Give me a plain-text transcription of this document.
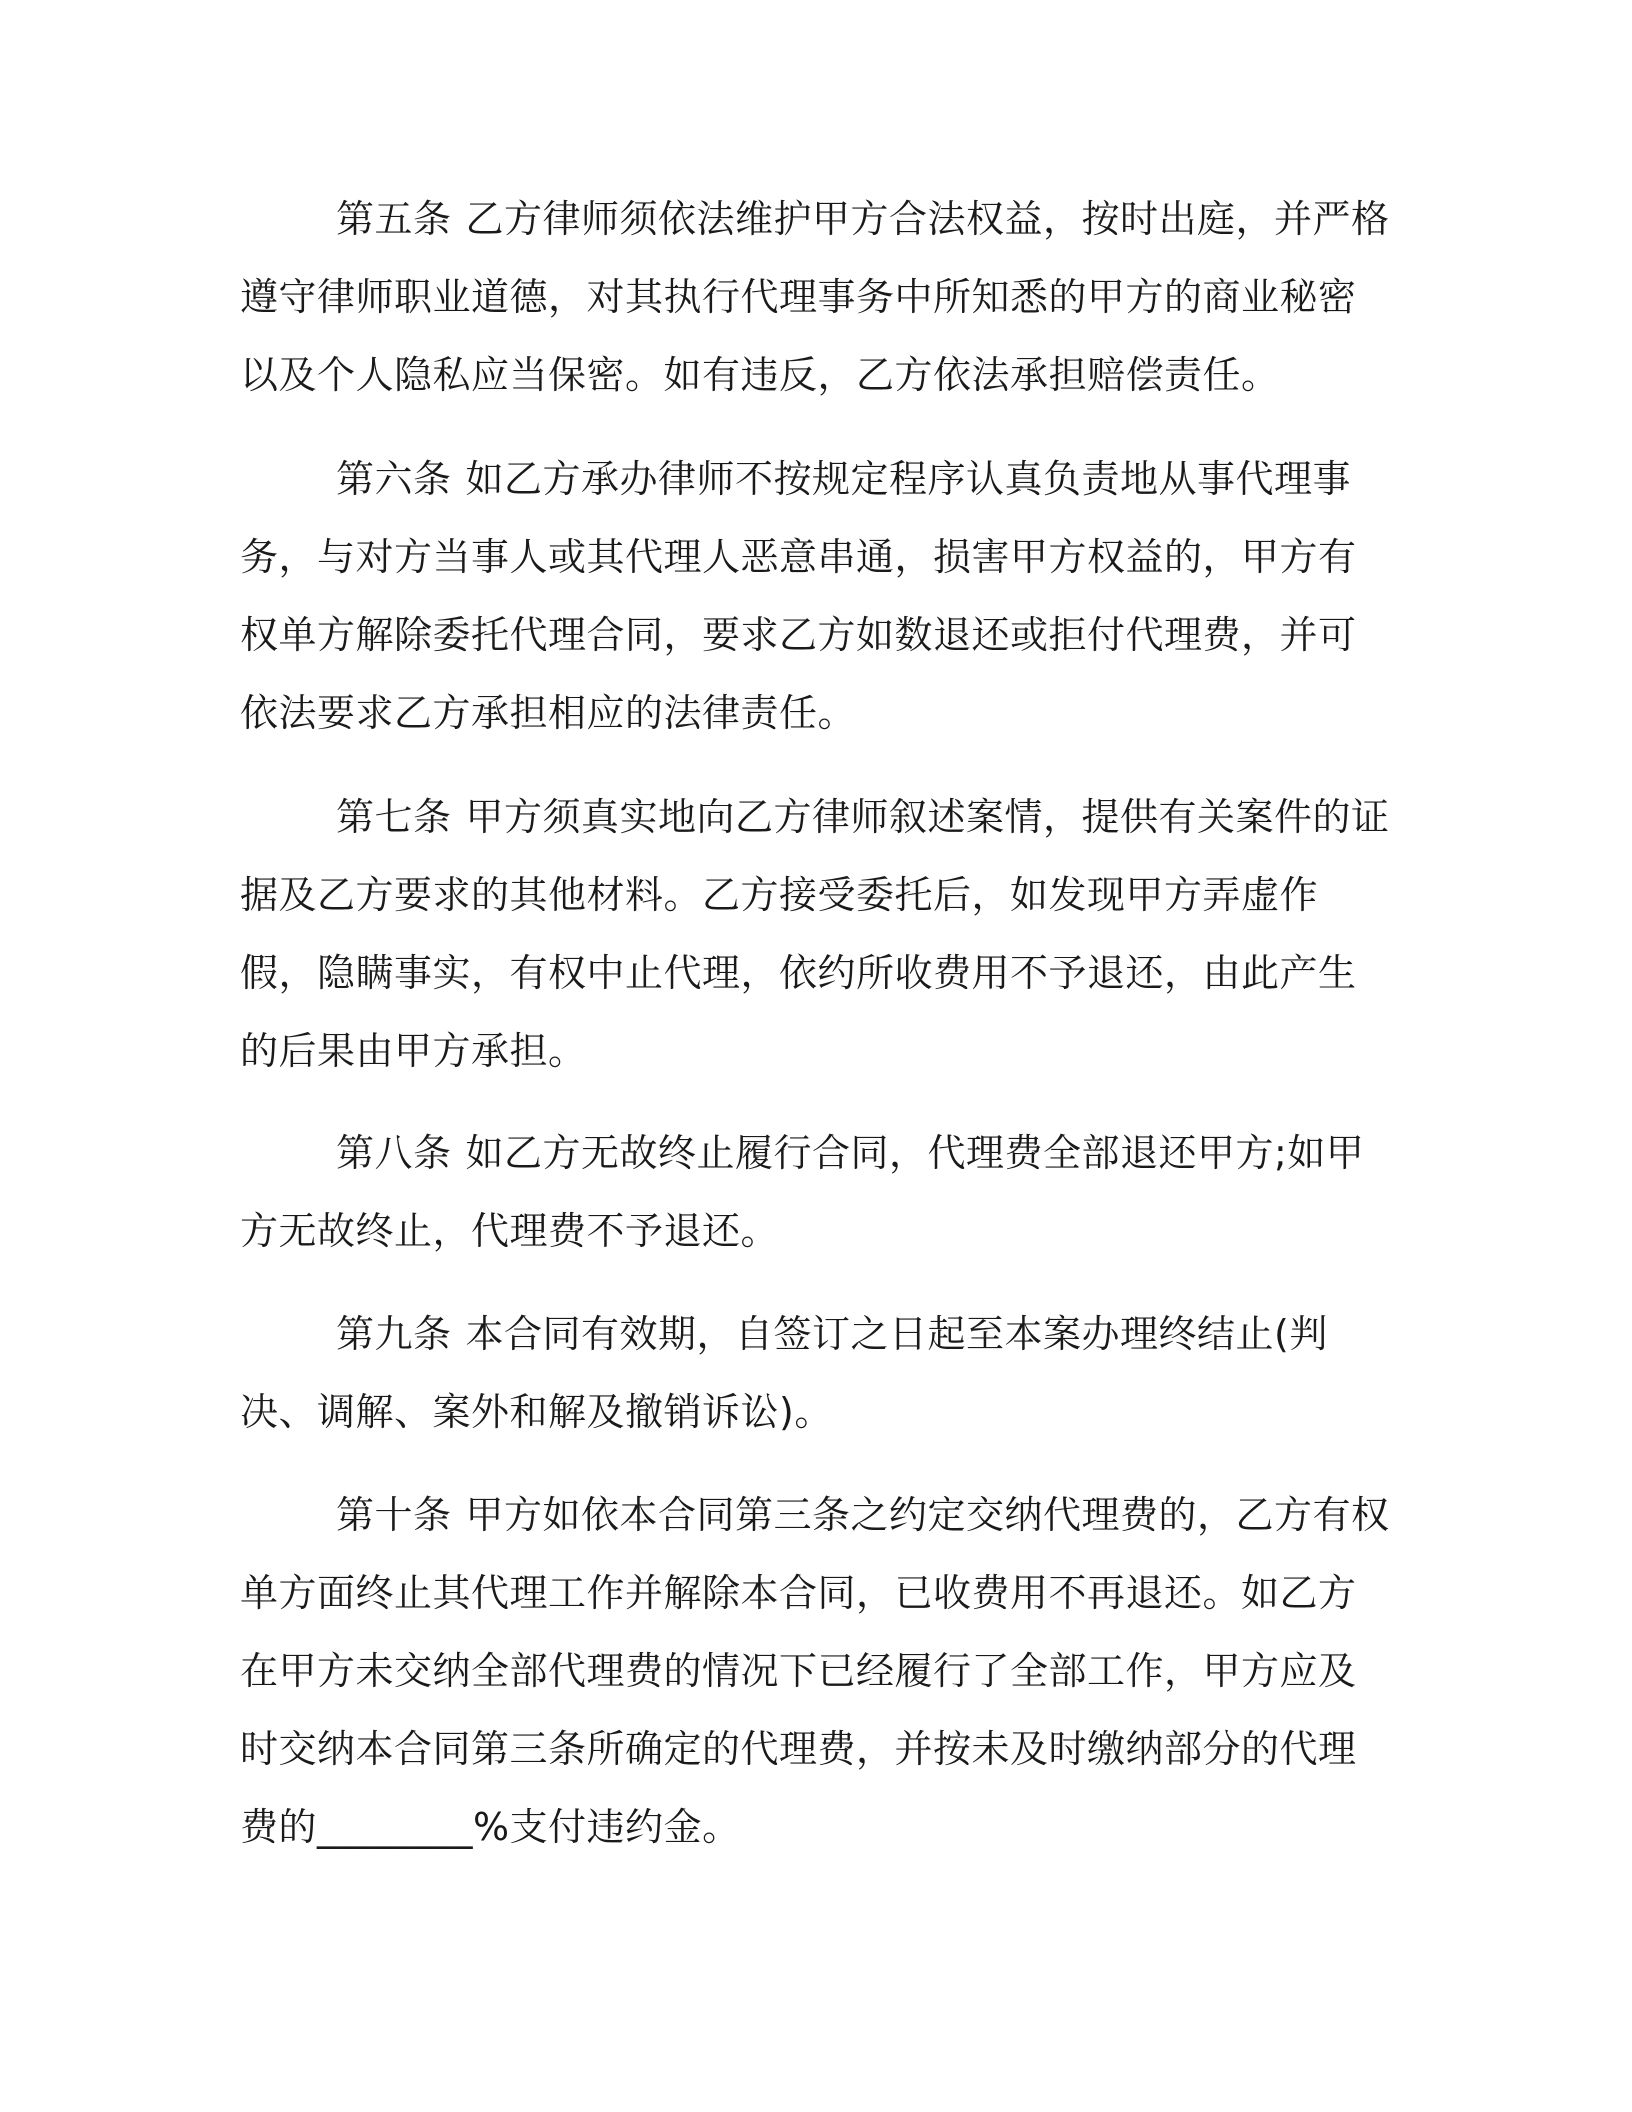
第五条 乙方律师须依法维护甲方合法权益，按时出庭，并严格遵守律师职业道德，对其执行代理事务中所知悉的甲方的商业秘密以及个人隐私应当保密。如有违反，乙方依法承担赔偿责任。

第六条 如乙方承办律师不按规定程序认真负责地从事代理事务，与对方当事人或其代理人恶意串通，损害甲方权益的，甲方有权单方解除委托代理合同，要求乙方如数退还或拒付代理费，并可依法要求乙方承担相应的法律责任。

第七条 甲方须真实地向乙方律师叙述案情，提供有关案件的证据及乙方要求的其他材料。乙方接受委托后，如发现甲方弄虚作假，隐瞒事实，有权中止代理，依约所收费用不予退还，由此产生的后果由甲方承担。

第八条 如乙方无故终止履行合同，代理费全部退还甲方;如甲方无故终止，代理费不予退还。

第九条 本合同有效期，自签订之日起至本案办理终结止(判决、调解、案外和解及撤销诉讼)。

第十条 甲方如依本合同第三条之约定交纳代理费的，乙方有权单方面终止其代理工作并解除本合同，已收费用不再退还。如乙方在甲方未交纳全部代理费的情况下已经履行了全部工作，甲方应及时交纳本合同第三条所确定的代理费，并按未及时缴纳部分的代理费的________%支付违约金。
